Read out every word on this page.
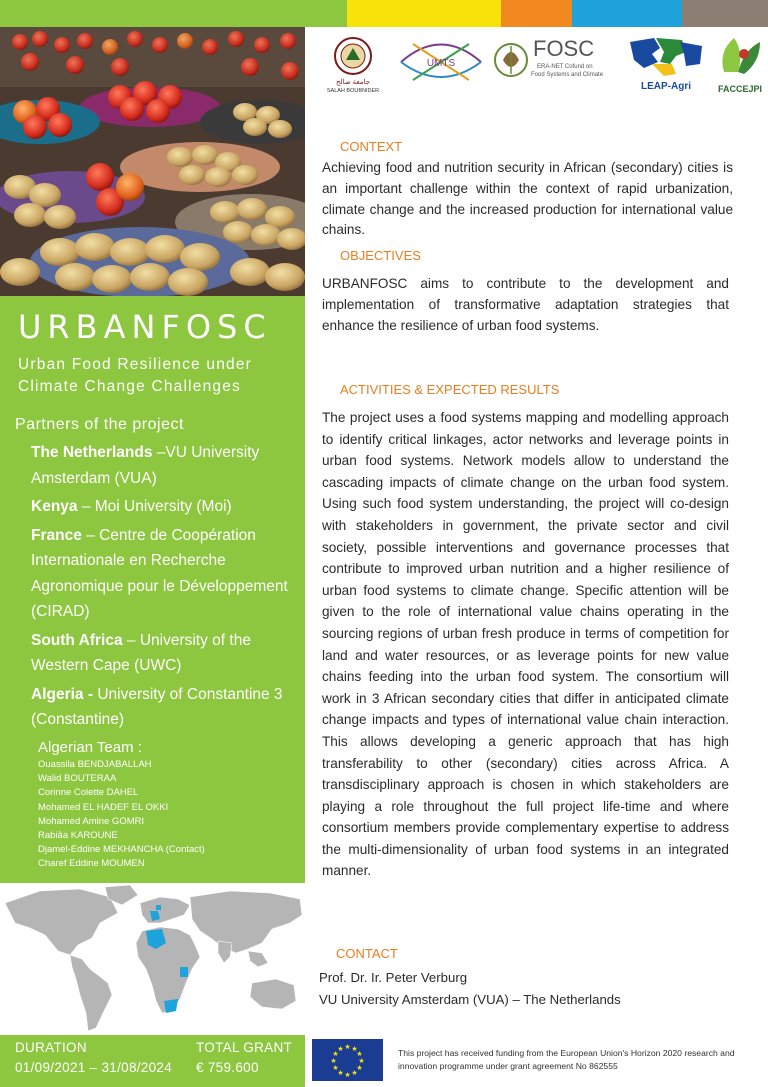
URBANFOSC
Urban Food Resilience under Climate Change Challenges
Partners of the project
The Netherlands –VU University Amsterdam (VUA)
Kenya – Moi University (Moi)
France – Centre de Coopération Internationale en Recherche Agronomique pour le Développement (CIRAD)
South Africa – University of the Western Cape (UWC)
Algeria - University of Constantine 3 (Constantine)
Algerian Team :
Ouassila BENDJABALLAH
Walid BOUTERAA
Corinne Colette DAHEL
Mohamed EL HADEF EL OKKI
Mohamed Amine GOMRI
Rabiâa KAROUNE
Djamel-Eddine MEKHANCHA (Contact)
Charef Eddine MOUMEN
DURATION
01/09/2021 – 31/08/2024
TOTAL GRANT
€ 759.600
جامعة صالح
SALAH BOUBNIDER
UMTS
FOSC
ERA-NET Cofund on
Food Systems and Climate
LEAP-Agri	FACCEJPI
CONTEXT
Achieving food and nutrition security in African (secondary) cities is an important challenge within the context of rapid urbanization, climate change and the increased production for international value chains.
OBJECTIVES
URBANFOSC aims to contribute to the development and implementation of transformative adaptation strategies that enhance the resilience of urban food systems.
ACTIVITIES & EXPECTED RESULTS
The project uses a food systems mapping and modelling approach to identify critical linkages, actor networks and leverage points in urban food systems. Network models allow to understand the cascading impacts of climate change on the urban food system. Using such food system understanding, the project will co-design with stakeholders in government, the private sector and civil society, possible interventions and governance processes that contribute to improved urban nutrition and a higher resilience of urban food systems to climate change. Specific attention will be given to the role of international value chains operating in the sourcing regions of urban fresh produce in terms of competition for land and water resources, or as leverage points for new value chains feeding into the urban food system. The consortium will work in 3 African secondary cities that differ in anticipated climate change impacts and types of international value chain interaction. This allows developing a generic approach that has high transferability to other (secondary) cities across Africa. A transdisciplinary approach is chosen in which stakeholders are playing a role throughout the full project life-time and where consortium members provide complementary expertise to address the multi-dimensionality of urban food systems in an integrated manner.
CONTACT
Prof. Dr. Ir. Peter Verburg
VU University Amsterdam (VUA) – The Netherlands
★ ★
★
★
★
★
★
★
★
★
★
★	This project has received funding from the European Union's Horizon 2020 research and innovation programme under grant agreement No 862555
